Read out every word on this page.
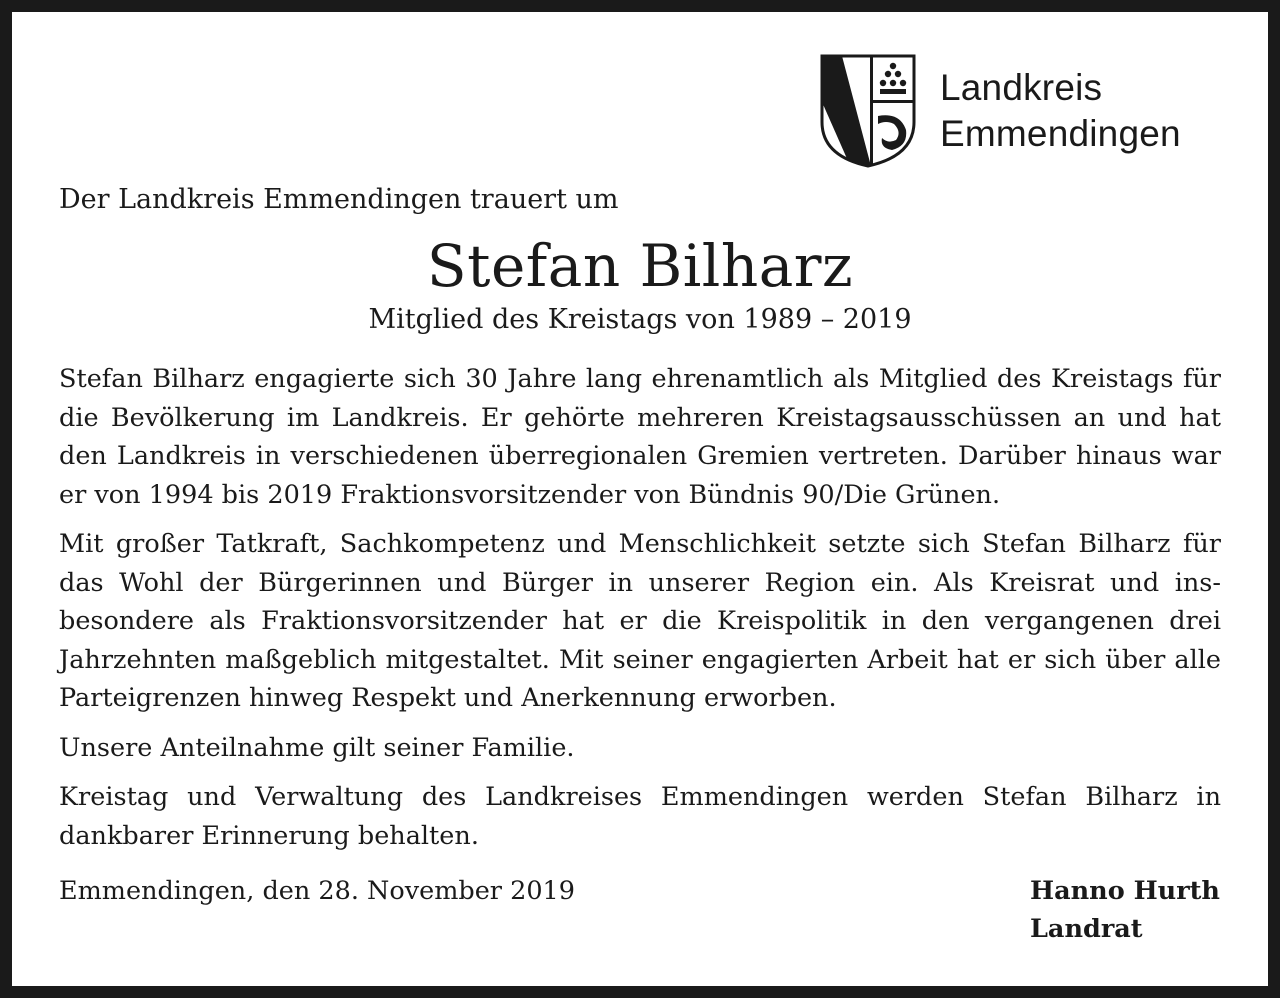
Landkreis
Emmendingen

Der Landkreis Emmendingen trauert um

Stefan Bilharz

Mitglied des Kreistags von 1989 – 2019

Stefan Bilharz engagierte sich 30 Jahre lang ehrenamtlich als Mitglied des Kreistags für die Bevölkerung im Landkreis. Er gehörte mehreren Kreistagsausschüssen an und hat den Landkreis in verschiedenen überregionalen Gremien vertreten. Darüber hinaus war er von 1994 bis 2019 Fraktionsvorsitzender von Bündnis 90/Die Grünen.

Mit großer Tatkraft, Sachkompetenz und Menschlichkeit setzte sich Stefan Bilharz für das Wohl der Bürgerinnen und Bürger in unserer Region ein. Als Kreisrat und insbesondere als Fraktionsvorsitzender hat er die Kreispolitik in den vergangenen drei Jahrzehnten maßgeblich mitgestaltet. Mit seiner engagierten Arbeit hat er sich über alle Parteigrenzen hinweg Respekt und Anerkennung erworben.

Unsere Anteilnahme gilt seiner Familie.

Kreistag und Verwaltung des Landkreises Emmendingen werden Stefan Bilharz in dankbarer Erinnerung behalten.

Emmendingen, den 28. November 2019	Hanno Hurth
Landrat
